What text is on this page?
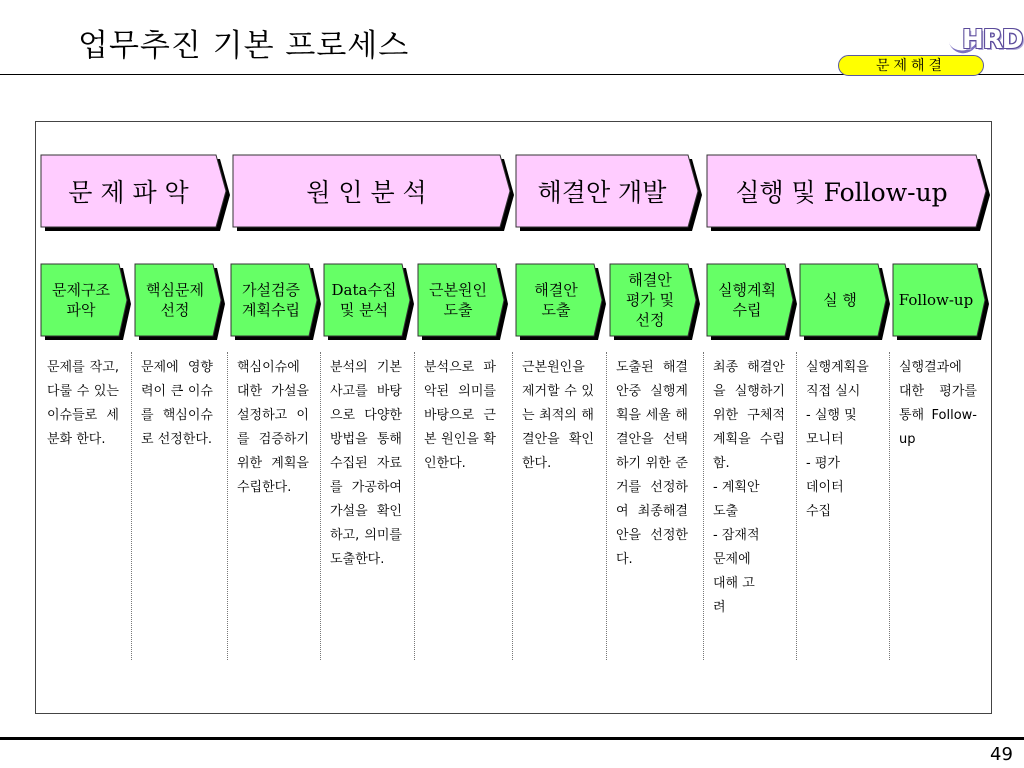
업무추진 기본 프로세스	HRD
문제해결
문 제 파 악	원 인 분 석	해결안 개발	실행 및 Follow-up
문제구조
파악
문제를 작고, 다룰 수 있는 이슈들로 세분화 한다.
핵심문제
선정
문제에 영향력이 큰 이슈를 핵심이슈로 선정한다.
가설검증
계획수립
핵심이슈에 대한 가설을 설정하고 이를 검증하기 위한 계획을 수립한다.
Data수집
및 분석
분석의 기본사고를 바탕으로 다양한 방법을 통해 수집된 자료를 가공하여 가설을 확인하고, 의미를 도출한다.
근본원인
도출
분석으로 파악된 의미를 바탕으로 근본 원인을 확인한다.
해결안
도출
근본원인을 제거할 수 있는 최적의 해결안을 확인한다.
해결안
평가 및
선정
도출된 해결안중 실행계획을 세울 해결안을 선택하기 위한 준거를 선정하여 최종해결안을 선정한다.
실행계획
수립
최종 해결안을 실행하기 위한 구체적 계획을 수립함.
- 계획안
도출
- 잠재적
문제에
대해 고
려
실 행
실행계획을 직접 실시
- 실행 및
모니터
- 평가
데이터
수집
Follow-up
실행결과에 대한 평가를 통해 Follow-up
49
